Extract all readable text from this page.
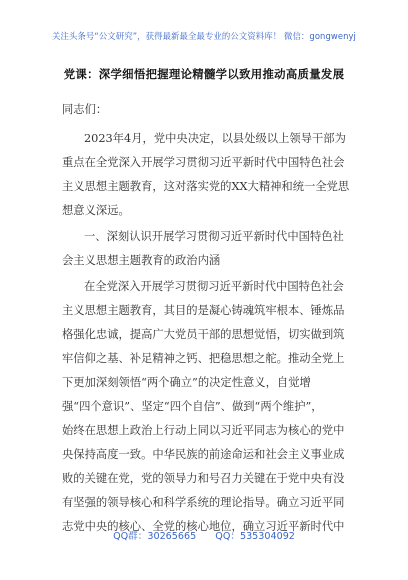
关注头条号“公文研究”，获得最新最全最专业的公文资料库！ 微信：gongwenyj
党课：深学细悟把握理论精髓学以致用推动高质量发展
同志们：
2023年4月，党中央决定，以县处级以上领导干部为
重点在全党深入开展学习贯彻习近平新时代中国特色社会
主义思想主题教育，这对落实党的XX大精神和统一全党思
想意义深远。
一、深刻认识开展学习贯彻习近平新时代中国特色社
会主义思想主题教育的政治内涵
在全党深入开展学习贯彻习近平新时代中国特色社会
主义思想主题教育，其目的是凝心铸魂筑牢根本、锤炼品
格强化忠诚，提高广大党员干部的思想觉悟，切实做到筑
牢信仰之基、补足精神之钙、把稳思想之舵。推动全党上
下更加深刻领悟“两个确立”的决定性意义，自觉增
强“四个意识”、坚定“四个自信”、做到“两个维护”，
始终在思想上政治上行动上同以习近平同志为核心的党中
央保持高度一致。中华民族的前途命运和社会主义事业成
败的关键在党，党的领导力和号召力关键在于党中央有没
有坚强的领导核心和科学系统的理论指导。确立习近平同
志党中央的核心、全党的核心地位，确立习近平新时代中
QQ群：30265665 QQ：535304092
